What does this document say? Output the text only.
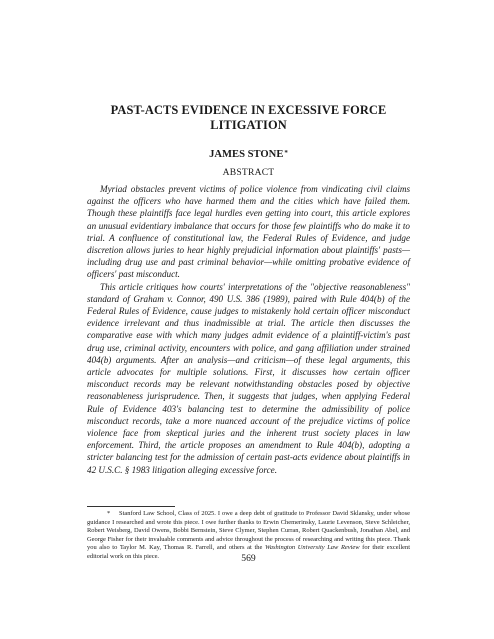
PAST-ACTS EVIDENCE IN EXCESSIVE FORCE LITIGATION

JAMES STONE*

ABSTRACT

Myriad obstacles prevent victims of police violence from vindicating civil claims against the officers who have harmed them and the cities which have failed them. Though these plaintiffs face legal hurdles even getting into court, this article explores an unusual evidentiary imbalance that occurs for those few plaintiffs who do make it to trial. A confluence of constitutional law, the Federal Rules of Evidence, and judge discretion allows juries to hear highly prejudicial information about plaintiffs' pasts—including drug use and past criminal behavior—while omitting probative evidence of officers' past misconduct.

This article critiques how courts' interpretations of the "objective reasonableness" standard of Graham v. Connor, 490 U.S. 386 (1989), paired with Rule 404(b) of the Federal Rules of Evidence, cause judges to mistakenly hold certain officer misconduct evidence irrelevant and thus inadmissible at trial. The article then discusses the comparative ease with which many judges admit evidence of a plaintiff-victim's past drug use, criminal activity, encounters with police, and gang affiliation under strained 404(b) arguments. After an analysis—and criticism—of these legal arguments, this article advocates for multiple solutions. First, it discusses how certain officer misconduct records may be relevant notwithstanding obstacles posed by objective reasonableness jurisprudence. Then, it suggests that judges, when applying Federal Rule of Evidence 403's balancing test to determine the admissibility of police misconduct records, take a more nuanced account of the prejudice victims of police violence face from skeptical juries and the inherent trust society places in law enforcement. Third, the article proposes an amendment to Rule 404(b), adopting a stricter balancing test for the admission of certain past-acts evidence about plaintiffs in 42 U.S.C. § 1983 litigation alleging excessive force.

* Stanford Law School, Class of 2025. I owe a deep debt of gratitude to Professor David Sklansky, under whose guidance I researched and wrote this piece. I owe further thanks to Erwin Chemerinsky, Laurie Levenson, Steve Schleicher, Robert Weisberg, David Owens, Bobbi Bernstein, Steve Clymer, Stephen Curran, Robert Quackenbush, Jonathan Abel, and George Fisher for their invaluable comments and advice throughout the process of researching and writing this piece. Thank you also to Taylor M. Kay, Thomas R. Farrell, and others at the Washington University Law Review for their excellent editorial work on this piece.	569
